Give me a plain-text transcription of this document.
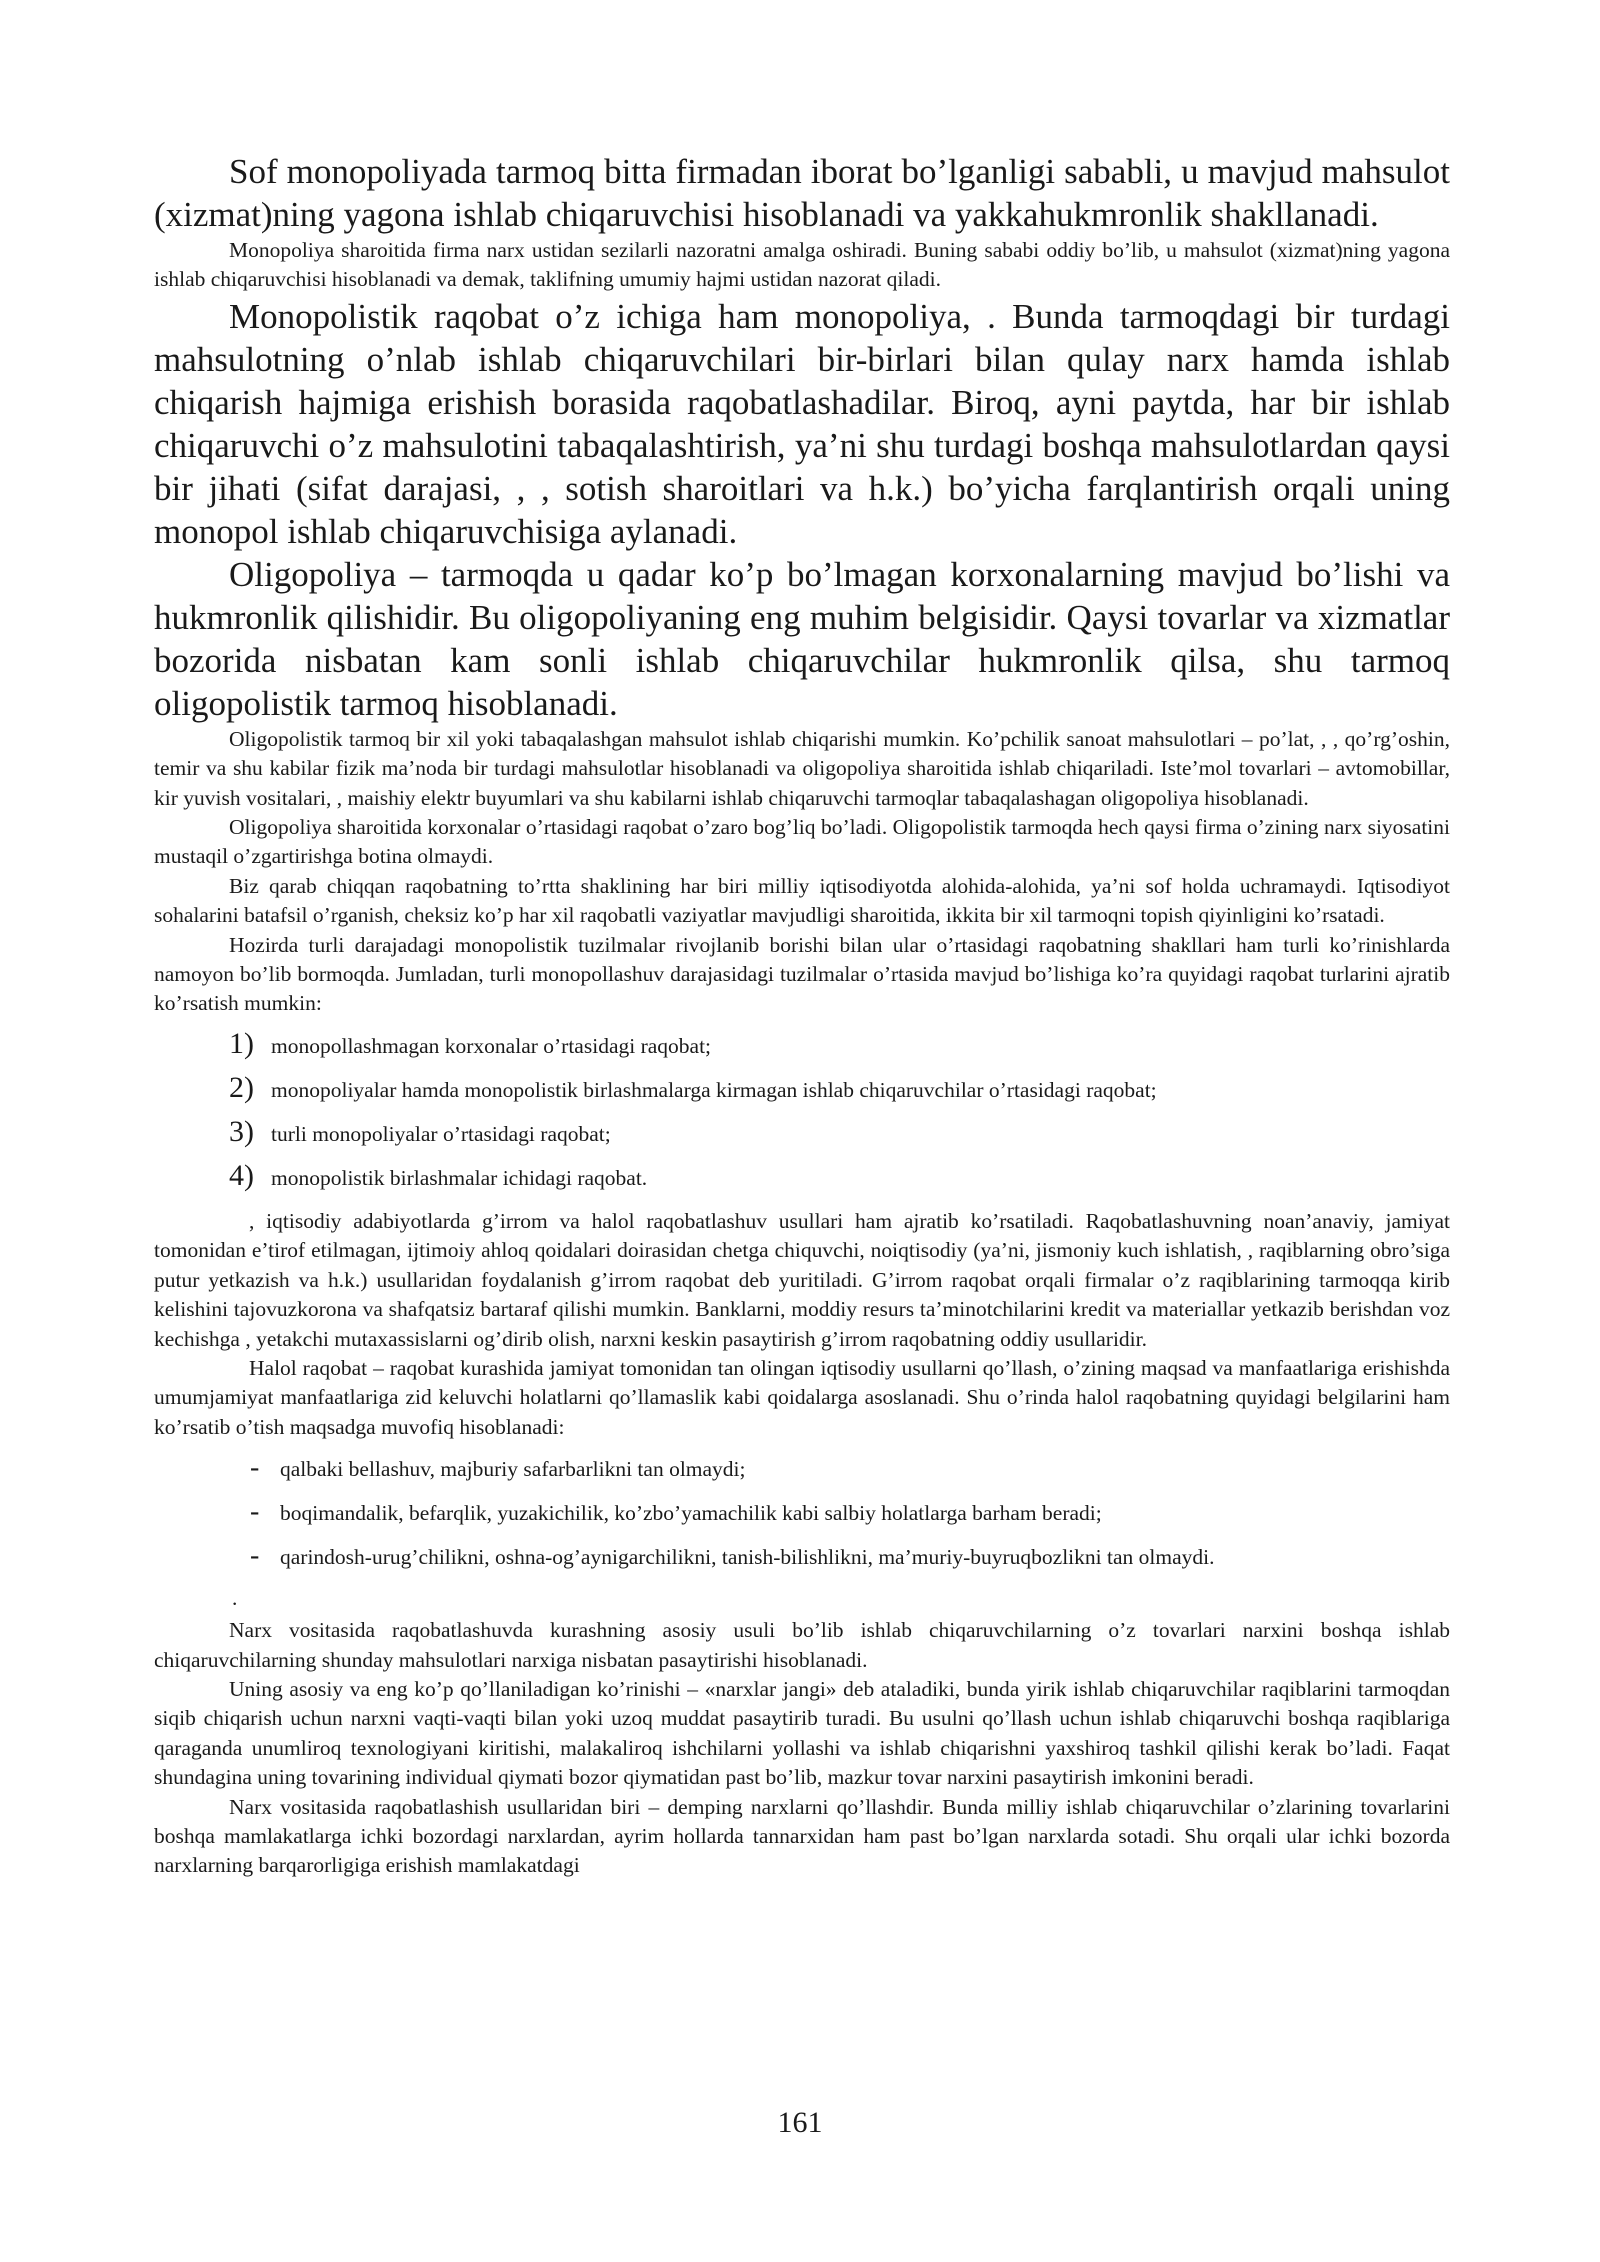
Sof monopoliyada tarmoq bitta firmadan iborat bo’lganligi sababli, u mavjud mahsulot (xizmat)ning yagona ishlab chiqaruvchisi hisoblanadi va yakkahukmronlik shakllanadi.

Monopoliya sharoitida firma narx ustidan sezilarli nazoratni amalga oshiradi. Buning sababi oddiy bo’lib, u mahsulot (xizmat)ning yagona ishlab chiqaruvchisi hisoblanadi va demak, taklifning umumiy hajmi ustidan nazorat qiladi.

Monopolistik raqobat o’z ichiga ham monopoliya, . Bunda tarmoqdagi bir turdagi mahsulotning o’nlab ishlab chiqaruvchilari bir-birlari bilan qulay narx hamda ishlab chiqarish hajmiga erishish borasida raqobatlashadilar. Biroq, ayni paytda, har bir ishlab chiqaruvchi o’z mahsulotini tabaqalashtirish, ya’ni shu turdagi boshqa mahsulotlardan qaysi bir jihati (sifat darajasi, , , sotish sharoitlari va h.k.) bo’yicha farqlantirish orqali uning monopol ishlab chiqaruvchisiga aylanadi.

Oligopoliya – tarmoqda u qadar ko’p bo’lmagan korxonalarning mavjud bo’lishi va hukmronlik qilishidir. Bu oligopoliyaning eng muhim belgisidir. Qaysi tovarlar va xizmatlar bozorida nisbatan kam sonli ishlab chiqaruvchilar hukmronlik qilsa, shu tarmoq oligopolistik tarmoq hisoblanadi.

Oligopolistik tarmoq bir xil yoki tabaqalashgan mahsulot ishlab chiqarishi mumkin. Ko’pchilik sanoat mahsulotlari – po’lat, , , qo’rg’oshin, temir va shu kabilar fizik ma’noda bir turdagi mahsulotlar hisoblanadi va oligopoliya sharoitida ishlab chiqariladi. Iste’mol tovarlari – avtomobillar, kir yuvish vositalari, , maishiy elektr buyumlari va shu kabilarni ishlab chiqaruvchi tarmoqlar tabaqalashagan oligopoliya hisoblanadi.

Oligopoliya sharoitida korxonalar o’rtasidagi raqobat o’zaro bog’liq bo’ladi. Oligopolistik tarmoqda hech qaysi firma o’zining narx siyosatini mustaqil o’zgartirishga botina olmaydi.

Biz qarab chiqqan raqobatning to’rtta shaklining har biri milliy iqtisodiyotda alohida-alohida, ya’ni sof holda uchramaydi. Iqtisodiyot sohalarini batafsil o’rganish, cheksiz ko’p har xil raqobatli vaziyatlar mavjudligi sharoitida, ikkita bir xil tarmoqni topish qiyinligini ko’rsatadi.

Hozirda turli darajadagi monopolistik tuzilmalar rivojlanib borishi bilan ular o’rtasidagi raqobatning shakllari ham turli ko’rinishlarda namoyon bo’lib bormoqda. Jumladan, turli monopollashuv darajasidagi tuzilmalar o’rtasida mavjud bo’lishiga ko’ra quyidagi raqobat turlarini ajratib ko’rsatish mumkin:

1) monopollashmagan korxonalar o’rtasidagi raqobat;
2) monopoliyalar hamda monopolistik birlashmalarga kirmagan ishlab chiqaruvchilar o’rtasidagi raqobat;
3) turli monopoliyalar o’rtasidagi raqobat;
4) monopolistik birlashmalar ichidagi raqobat.

, iqtisodiy adabiyotlarda g’irrom va halol raqobatlashuv usullari ham ajratib ko’rsatiladi. Raqobatlashuvning noan’anaviy, jamiyat tomonidan e’tirof etilmagan, ijtimoiy ahloq qoidalari doirasidan chetga chiquvchi, noiqtisodiy (ya’ni, jismoniy kuch ishlatish, , raqiblarning obro’siga putur yetkazish va h.k.) usullaridan foydalanish g’irrom raqobat deb yuritiladi. G’irrom raqobat orqali firmalar o’z raqiblarining tarmoqqa kirib kelishini tajovuzkorona va shafqatsiz bartaraf qilishi mumkin. Banklarni, moddiy resurs ta’minotchilarini kredit va materiallar yetkazib berishdan voz kechishga , yetakchi mutaxassislarni og’dirib olish, narxni keskin pasaytirish g’irrom raqobatning oddiy usullaridir.

Halol raqobat – raqobat kurashida jamiyat tomonidan tan olingan iqtisodiy usullarni qo’llash, o’zining maqsad va manfaatlariga erishishda umumjamiyat manfaatlariga zid keluvchi holatlarni qo’llamaslik kabi qoidalarga asoslanadi. Shu o’rinda halol raqobatning quyidagi belgilarini ham ko’rsatib o’tish maqsadga muvofiq hisoblanadi:

- qalbaki bellashuv, majburiy safarbarlikni tan olmaydi;
- boqimandalik, befarqlik, yuzakichilik, ko’zbo’yamachilik kabi salbiy holatlarga barham beradi;
- qarindosh-urug’chilikni, oshna-og’aynigarchilikni, tanish-bilishlikni, ma’muriy-buyruqbozlikni tan olmaydi.
.

Narx vositasida raqobatlashuvda kurashning asosiy usuli bo’lib ishlab chiqaruvchilarning o’z tovarlari narxini boshqa ishlab chiqaruvchilarning shunday mahsulotlari narxiga nisbatan pasaytirishi hisoblanadi.

Uning asosiy va eng ko’p qo’llaniladigan ko’rinishi – «narxlar jangi» deb ataladiki, bunda yirik ishlab chiqaruvchilar raqiblarini tarmoqdan siqib chiqarish uchun narxni vaqti-vaqti bilan yoki uzoq muddat pasaytirib turadi. Bu usulni qo’llash uchun ishlab chiqaruvchi boshqa raqiblariga qaraganda unumliroq texnologiyani kiritishi, malakaliroq ishchilarni yollashi va ishlab chiqarishni yaxshiroq tashkil qilishi kerak bo’ladi. Faqat shundagina uning tovarining individual qiymati bozor qiymatidan past bo’lib, mazkur tovar narxini pasaytirish imkonini beradi.

Narx vositasida raqobatlashish usullaridan biri – demping narxlarni qo’llashdir. Bunda milliy ishlab chiqaruvchilar o’zlarining tovarlarini boshqa mamlakatlarga ichki bozordagi narxlardan, ayrim hollarda tannarxidan ham past bo’lgan narxlarda sotadi. Shu orqali ular ichki bozorda narxlarning barqarorligiga erishish mamlakatdagi

161
